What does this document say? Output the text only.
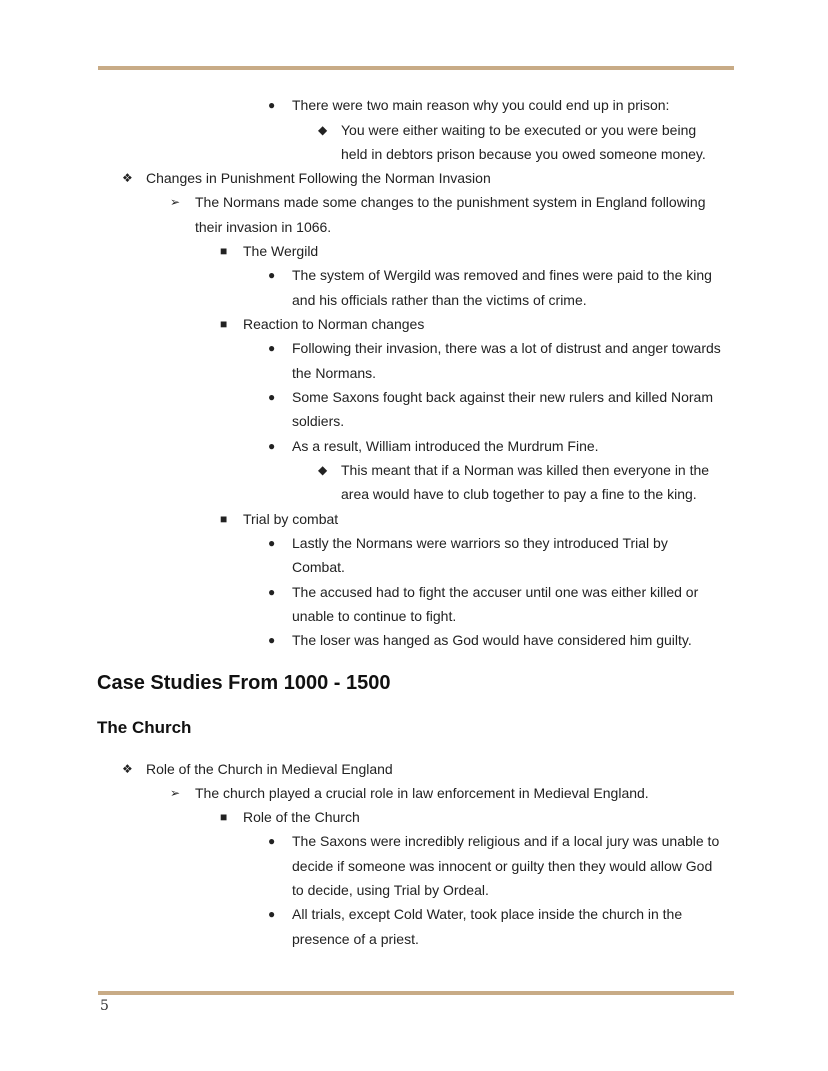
● There were two main reason why you could end up in prison:
◆ You were either waiting to be executed or you were being
held in debtors prison because you owed someone money.
❖ Changes in Punishment Following the Norman Invasion
➢ The Normans made some changes to the punishment system in England following
their invasion in 1066.
■ The Wergild
● The system of Wergild was removed and fines were paid to the king
and his officials rather than the victims of crime.
■ Reaction to Norman changes
● Following their invasion, there was a lot of distrust and anger towards
the Normans.
● Some Saxons fought back against their new rulers and killed Noram
soldiers.
● As a result, William introduced the Murdrum Fine.
◆ This meant that if a Norman was killed then everyone in the
area would have to club together to pay a fine to the king.
■ Trial by combat
● Lastly the Normans were warriors so they introduced Trial by
Combat.
● The accused had to fight the accuser until one was either killed or
unable to continue to fight.
● The loser was hanged as God would have considered him guilty.
Case Studies From 1000 - 1500
The Church
❖ Role of the Church in Medieval England
➢ The church played a crucial role in law enforcement in Medieval England.
■ Role of the Church
● The Saxons were incredibly religious and if a local jury was unable to
decide if someone was innocent or guilty then they would allow God
to decide, using Trial by Ordeal.
● All trials, except Cold Water, took place inside the church in the
presence of a priest.
5
